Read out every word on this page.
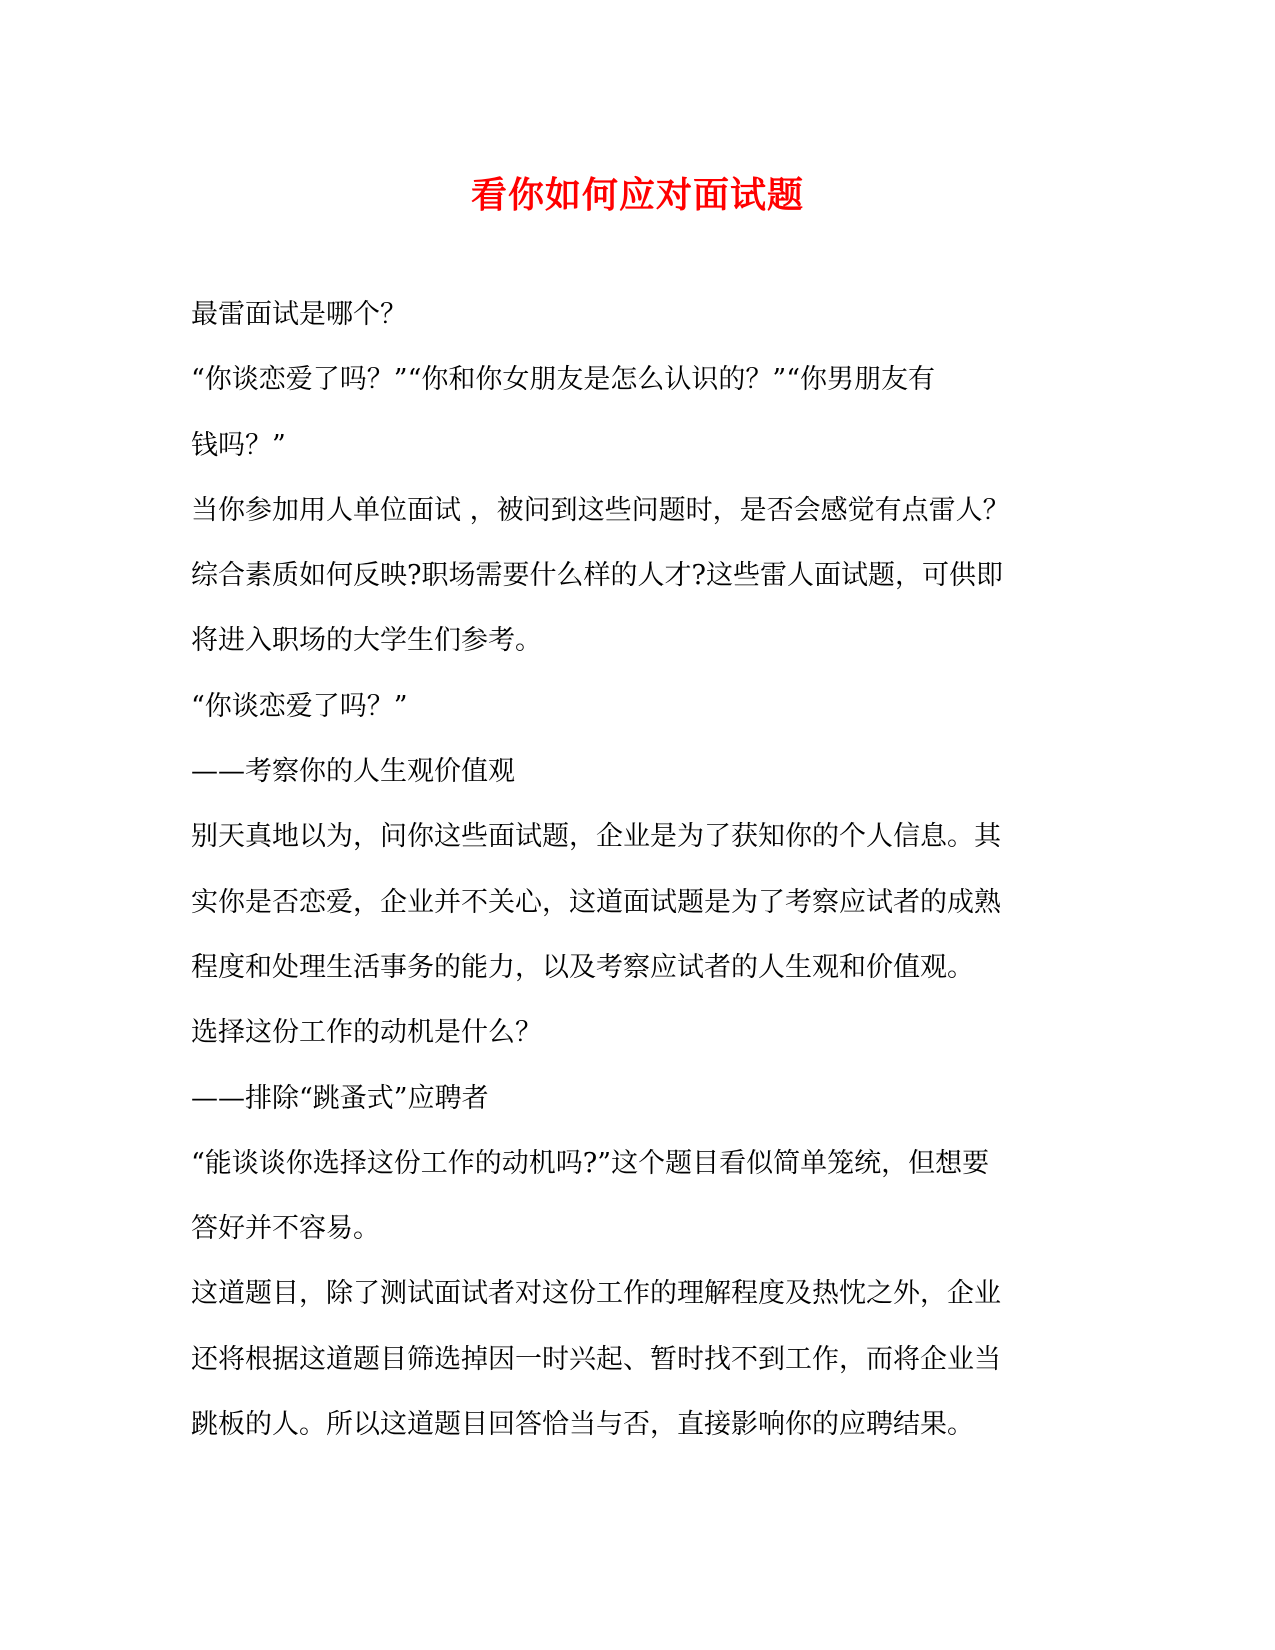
看你如何应对面试题
最雷面试是哪个？
“你谈恋爱了吗？”“你和你女朋友是怎么认识的？”“你男朋友有
钱吗？”
当你参加用人单位面试 ，被问到这些问题时，是否会感觉有点雷人？
综合素质如何反映?职场需要什么样的人才?这些雷人面试题，可供即
将进入职场的大学生们参考。
“你谈恋爱了吗？”
——考察你的人生观价值观
别天真地以为，问你这些面试题，企业是为了获知你的个人信息。其
实你是否恋爱，企业并不关心，这道面试题是为了考察应试者的成熟
程度和处理生活事务的能力，以及考察应试者的人生观和价值观。
选择这份工作的动机是什么？
——排除“跳蚤式”应聘者
“能谈谈你选择这份工作的动机吗?”这个题目看似简单笼统，但想要
答好并不容易。
这道题目，除了测试面试者对这份工作的理解程度及热忱之外，企业
还将根据这道题目筛选掉因一时兴起、暂时找不到工作，而将企业当
跳板的人。所以这道题目回答恰当与否，直接影响你的应聘结果。
